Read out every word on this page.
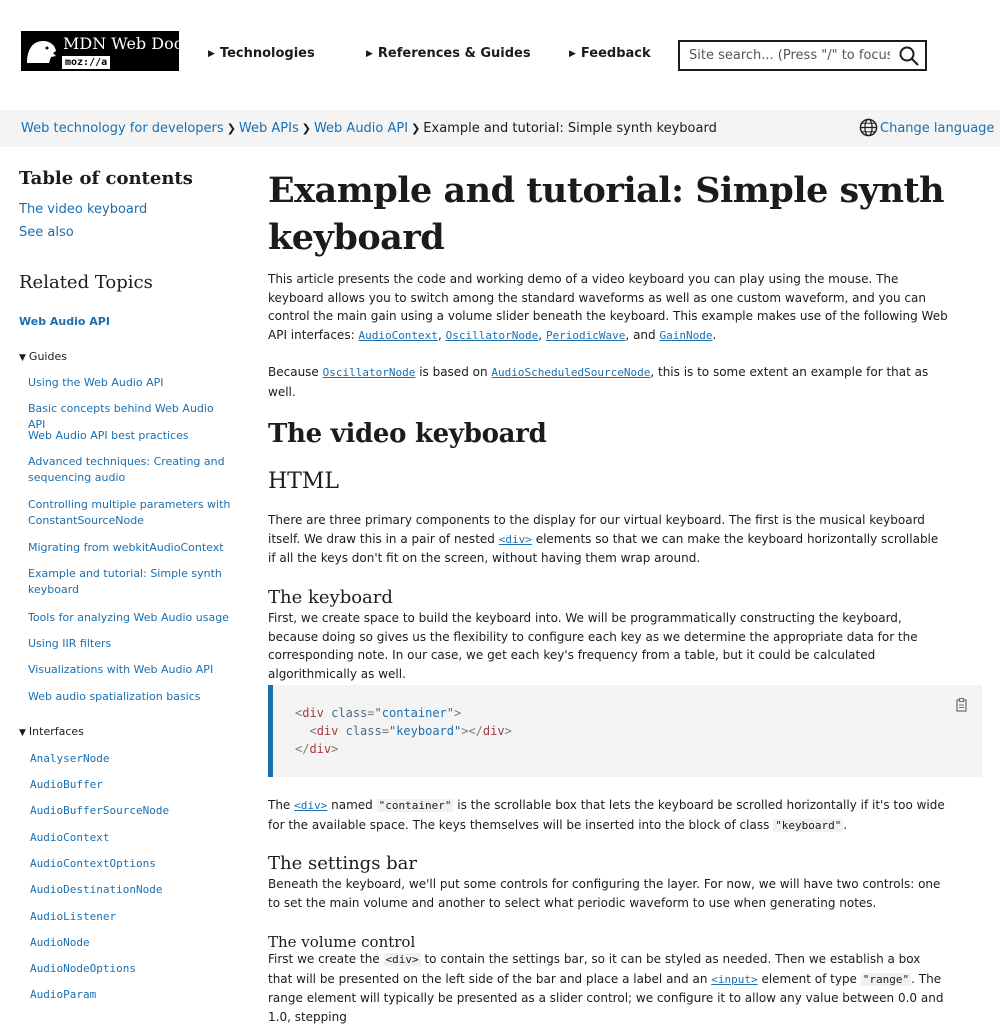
MDN Web Docs
moz://a
▶ Technologies	▶ References & Guides	▶ Feedback
Site search... (Press "/" to focus)
Web technology for developers ❯ Web APIs ❯ Web Audio API ❯ Example and tutorial: Simple synth keyboard	Change language
Table of contents
The video keyboard
See also
Related Topics
Web Audio API
▼ Guides
Using the Web Audio API
Basic concepts behind Web Audio API
Web Audio API best practices
Advanced techniques: Creating and sequencing audio
Controlling multiple parameters with ConstantSourceNode
Migrating from webkitAudioContext
Example and tutorial: Simple synth keyboard
Tools for analyzing Web Audio usage
Using IIR filters
Visualizations with Web Audio API
Web audio spatialization basics
▼ Interfaces
AnalyserNode
AudioBuffer
AudioBufferSourceNode
AudioContext
AudioContextOptions
AudioDestinationNode
AudioListener
AudioNode
AudioNodeOptions
AudioParam
Example and tutorial: Simple synth keyboard
This article presents the code and working demo of a video keyboard you can play using the mouse. The keyboard allows you to switch among the standard waveforms as well as one custom waveform, and you can control the main gain using a volume slider beneath the keyboard. This example makes use of the following Web API interfaces: AudioContext, OscillatorNode, PeriodicWave, and GainNode.
Because OscillatorNode is based on AudioScheduledSourceNode, this is to some extent an example for that as well.
The video keyboard
HTML
There are three primary components to the display for our virtual keyboard. The first is the musical keyboard itself. We draw this in a pair of nested <div> elements so that we can make the keyboard horizontally scrollable if all the keys don't fit on the screen, without having them wrap around.
The keyboard
First, we create space to build the keyboard into. We will be programmatically constructing the keyboard, because doing so gives us the flexibility to configure each key as we determine the appropriate data for the corresponding note. In our case, we get each key's frequency from a table, but it could be calculated algorithmically as well.
<div class="container">
<div class="keyboard"></div>
</div>
The <div> named "container" is the scrollable box that lets the keyboard be scrolled horizontally if it's too wide for the available space. The keys themselves will be inserted into the block of class "keyboard" .
The settings bar
Beneath the keyboard, we'll put some controls for configuring the layer. For now, we will have two controls: one to set the main volume and another to select what periodic waveform to use when generating notes.
The volume control
First we create the <div> to contain the settings bar, so it can be styled as needed. Then we establish a box that will be presented on the left side of the bar and place a label and an <input> element of type "range" . The range element will typically be presented as a slider control; we configure it to allow any value between 0.0 and 1.0, stepping
